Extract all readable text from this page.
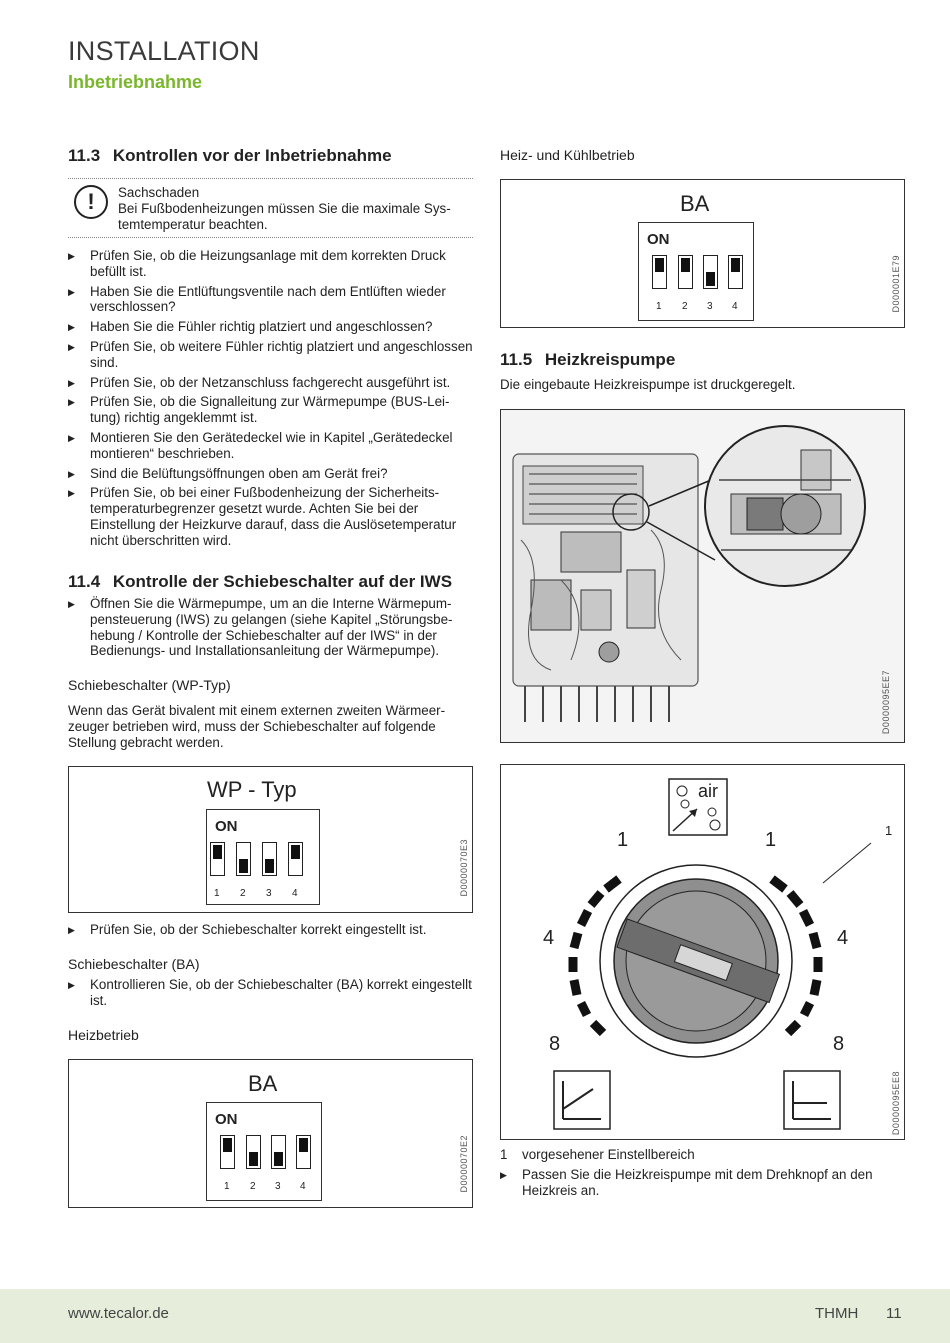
INSTALLATION
Inbetriebnahme
11.3 Kontrollen vor der Inbetriebnahme
!	Sachschaden
Bei Fußbodenheizungen müssen Sie die maximale Systemtemperatur beachten.
▶ Prüfen Sie, ob die Heizungsanlage mit dem korrekten Druck befüllt ist.
▶ Haben Sie die Entlüftungsventile nach dem Entlüften wieder verschlossen?
▶ Haben Sie die Fühler richtig platziert und angeschlossen?
▶ Prüfen Sie, ob weitere Fühler richtig platziert und angeschlossen sind.
▶ Prüfen Sie, ob der Netzanschluss fachgerecht ausgeführt ist.
▶ Prüfen Sie, ob die Signalleitung zur Wärmepumpe (BUS-Leitung) richtig angeklemmt ist.
▶ Montieren Sie den Gerätedeckel wie in Kapitel „Gerätedeckel montieren“ beschrieben.
▶ Sind die Belüftungsöffnungen oben am Gerät frei?
▶ Prüfen Sie, ob bei einer Fußbodenheizung der Sicherheitstemperaturbegrenzer gesetzt wurde. Achten Sie bei der Einstellung der Heizkurve darauf, dass die Auslösetemperatur nicht überschritten wird.
11.4 Kontrolle der Schiebeschalter auf der IWS
▶ Öffnen Sie die Wärmepumpe, um an die Interne Wärmepumpensteuerung (IWS) zu gelangen (siehe Kapitel „Störungsbehebung / Kontrolle der Schiebeschalter auf der IWS“ in der Bedienungs- und Installationsanleitung der Wärmepumpe).
Schiebeschalter (WP-Typ)
Wenn das Gerät bivalent mit einem externen zweiten Wärmeerzeuger betrieben wird, muss der Schiebeschalter auf folgende Stellung gebracht werden.
WP - Typ
ON
1 2 3 4	D0000070E3
▶ Prüfen Sie, ob der Schiebeschalter korrekt eingestellt ist.
Schiebeschalter (BA)
▶ Kontrollieren Sie, ob der Schiebeschalter (BA) korrekt eingestellt ist.
Heizbetrieb
BA
ON
1 2 3 4	D0000070E2
Heiz- und Kühlbetrieb
BA
ON
1 2 3 4	D000001E79
11.5 Heizkreispumpe
Die eingebaute Heizkreispumpe ist druckgeregelt.
D0000095EE7
air
1	1
4	4
8	8
1
D0000095EE8
1 vorgesehener Einstellbereich
▶ Passen Sie die Heizkreispumpe mit dem Drehknopf an den Heizkreis an.
www.tecalor.de	THMH 11
